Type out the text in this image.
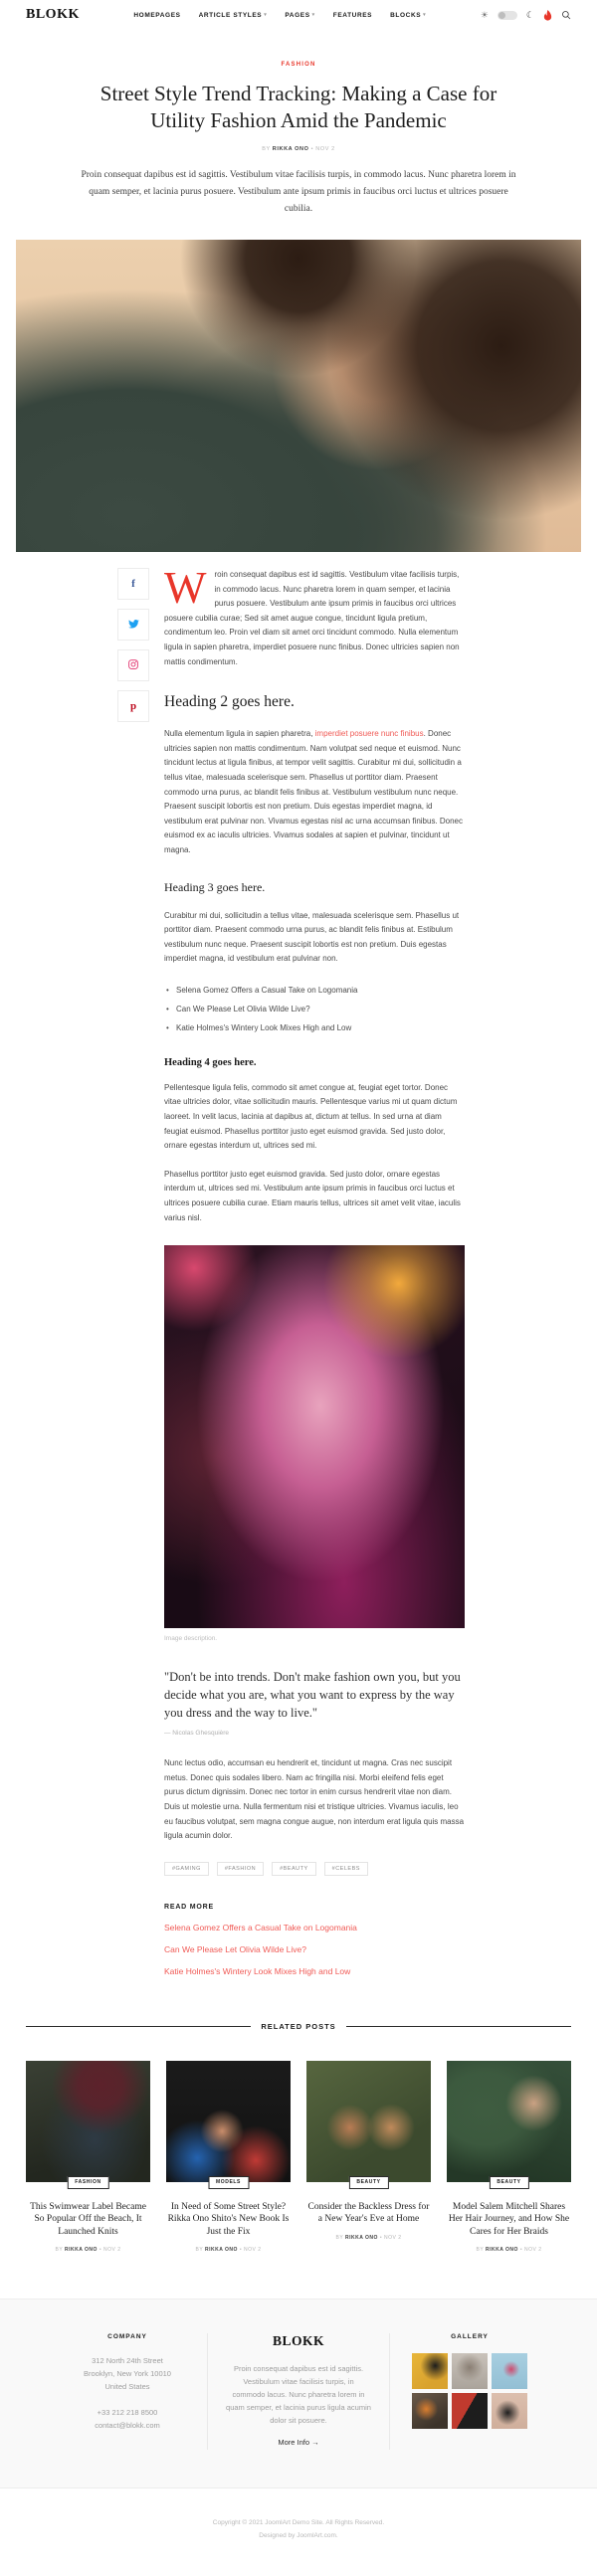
BLOKK	HOMEPAGES	ARTICLE STYLES ▾	PAGES ▾	FEATURES	BLOCKS ▾	☀	☾
FASHION
Street Style Trend Tracking: Making a Case for Utility Fashion Amid the Pandemic
BY RIKKA ONO • NOV 2

Proin consequat dapibus est id sagittis. Vestibulum vitae facilisis turpis, in commodo lacus. Nunc pharetra lorem in quam semper, et lacinia purus posuere. Vestibulum ante ipsum primis in faucibus orci luctus et ultrices posuere cubilia.

f
p

W	roin consequat dapibus est id sagittis. Vestibulum vitae facilisis turpis, in commodo lacus. Nunc pharetra lorem in quam semper, et lacinia purus posuere. Vestibulum ante ipsum primis in faucibus orci ultrices posuere cubilia curae; Sed sit amet augue congue, tincidunt ligula pretium, condimentum leo. Proin vel diam sit amet orci tincidunt commodo. Nulla elementum ligula in sapien pharetra, imperdiet posuere nunc finibus. Donec ultricies sapien non mattis condimentum.

Heading 2 goes here.

Nulla elementum ligula in sapien pharetra, imperdiet posuere nunc finibus. Donec ultricies sapien non mattis condimentum. Nam volutpat sed neque et euismod. Nunc tincidunt lectus at ligula finibus, at tempor velit sagittis. Curabitur mi dui, sollicitudin a tellus vitae, malesuada scelerisque sem. Phasellus ut porttitor diam. Praesent commodo urna purus, ac blandit felis finibus at. Vestibulum vestibulum nunc neque. Praesent suscipit lobortis est non pretium. Duis egestas imperdiet magna, id vestibulum erat pulvinar non. Vivamus egestas nisl ac urna accumsan finibus. Donec euismod ex ac iaculis ultricies. Vivamus sodales at sapien et pulvinar, tincidunt ut magna.

Heading 3 goes here.

Curabitur mi dui, sollicitudin a tellus vitae, malesuada scelerisque sem. Phasellus ut porttitor diam. Praesent commodo urna purus, ac blandit felis finibus at. Estibulum vestibulum nunc neque. Praesent suscipit lobortis est non pretium. Duis egestas imperdiet magna, id vestibulum erat pulvinar non.

• Selena Gomez Offers a Casual Take on Logomania
• Can We Please Let Olivia Wilde Live?
• Katie Holmes's Wintery Look Mixes High and Low
Heading 4 goes here.

Pellentesque ligula felis, commodo sit amet congue at, feugiat eget tortor. Donec vitae ultricies dolor, vitae sollicitudin mauris. Pellentesque varius mi ut quam dictum laoreet. In velit lacus, lacinia at dapibus at, dictum at tellus. In sed urna at diam feugiat euismod. Phasellus porttitor justo eget euismod gravida. Sed justo dolor, ornare egestas interdum ut, ultrices sed mi.

Phasellus porttitor justo eget euismod gravida. Sed justo dolor, ornare egestas interdum ut, ultrices sed mi. Vestibulum ante ipsum primis in faucibus orci luctus et ultrices posuere cubilia curae. Etiam mauris tellus, ultrices sit amet velit vitae, iaculis varius nisl.

Image description.
"Don't be into trends. Don't make fashion own you, but you decide what you are, what you want to express by the way you dress and the way to live."
— Nicolas Ghesquière

Nunc lectus odio, accumsan eu hendrerit et, tincidunt ut magna. Cras nec suscipit metus. Donec quis sodales libero. Nam ac fringilla nisi. Morbi eleifend felis eget purus dictum dignissim. Donec nec tortor in enim cursus hendrerit vitae non diam. Duis ut molestie urna. Nulla fermentum nisi et tristique ultricies. Vivamus iaculis, leo eu faucibus volutpat, sem magna congue augue, non interdum erat ligula quis massa ligula acumin dolor.

#GAMING	#FASHION	#BEAUTY	#CELEBS
READ MORE
Selena Gomez Offers a Casual Take on Logomania
Can We Please Let Olivia Wilde Live?
Katie Holmes's Wintery Look Mixes High and Low
RELATED POSTS
FASHION
This Swimwear Label Became So Popular Off the Beach, It Launched Knits
BY RIKKA ONO • NOV 2
MODELS
In Need of Some Street Style? Rikka Ono Shito's New Book Is Just the Fix
BY RIKKA ONO • NOV 2
BEAUTY
Consider the Backless Dress for a New Year's Eve at Home
BY RIKKA ONO • NOV 2
BEAUTY
Model Salem Mitchell Shares Her Hair Journey, and How She Cares for Her Braids
BY RIKKA ONO • NOV 2
COMPANY
312 North 24th Street
Brooklyn, New York 10010
United States
+33 212 218 8500
contact@blokk.com
BLOKK

Proin consequat dapibus est id sagittis. Vestibulum vitae facilisis turpis, in commodo lacus. Nunc pharetra lorem in quam semper, et lacinia purus ligula acumin dolor sit posuere.

More Info →
GALLERY
Copyright © 2021 JoomlArt Demo Site. All Rights Reserved.
Designed by JoomlArt.com.
